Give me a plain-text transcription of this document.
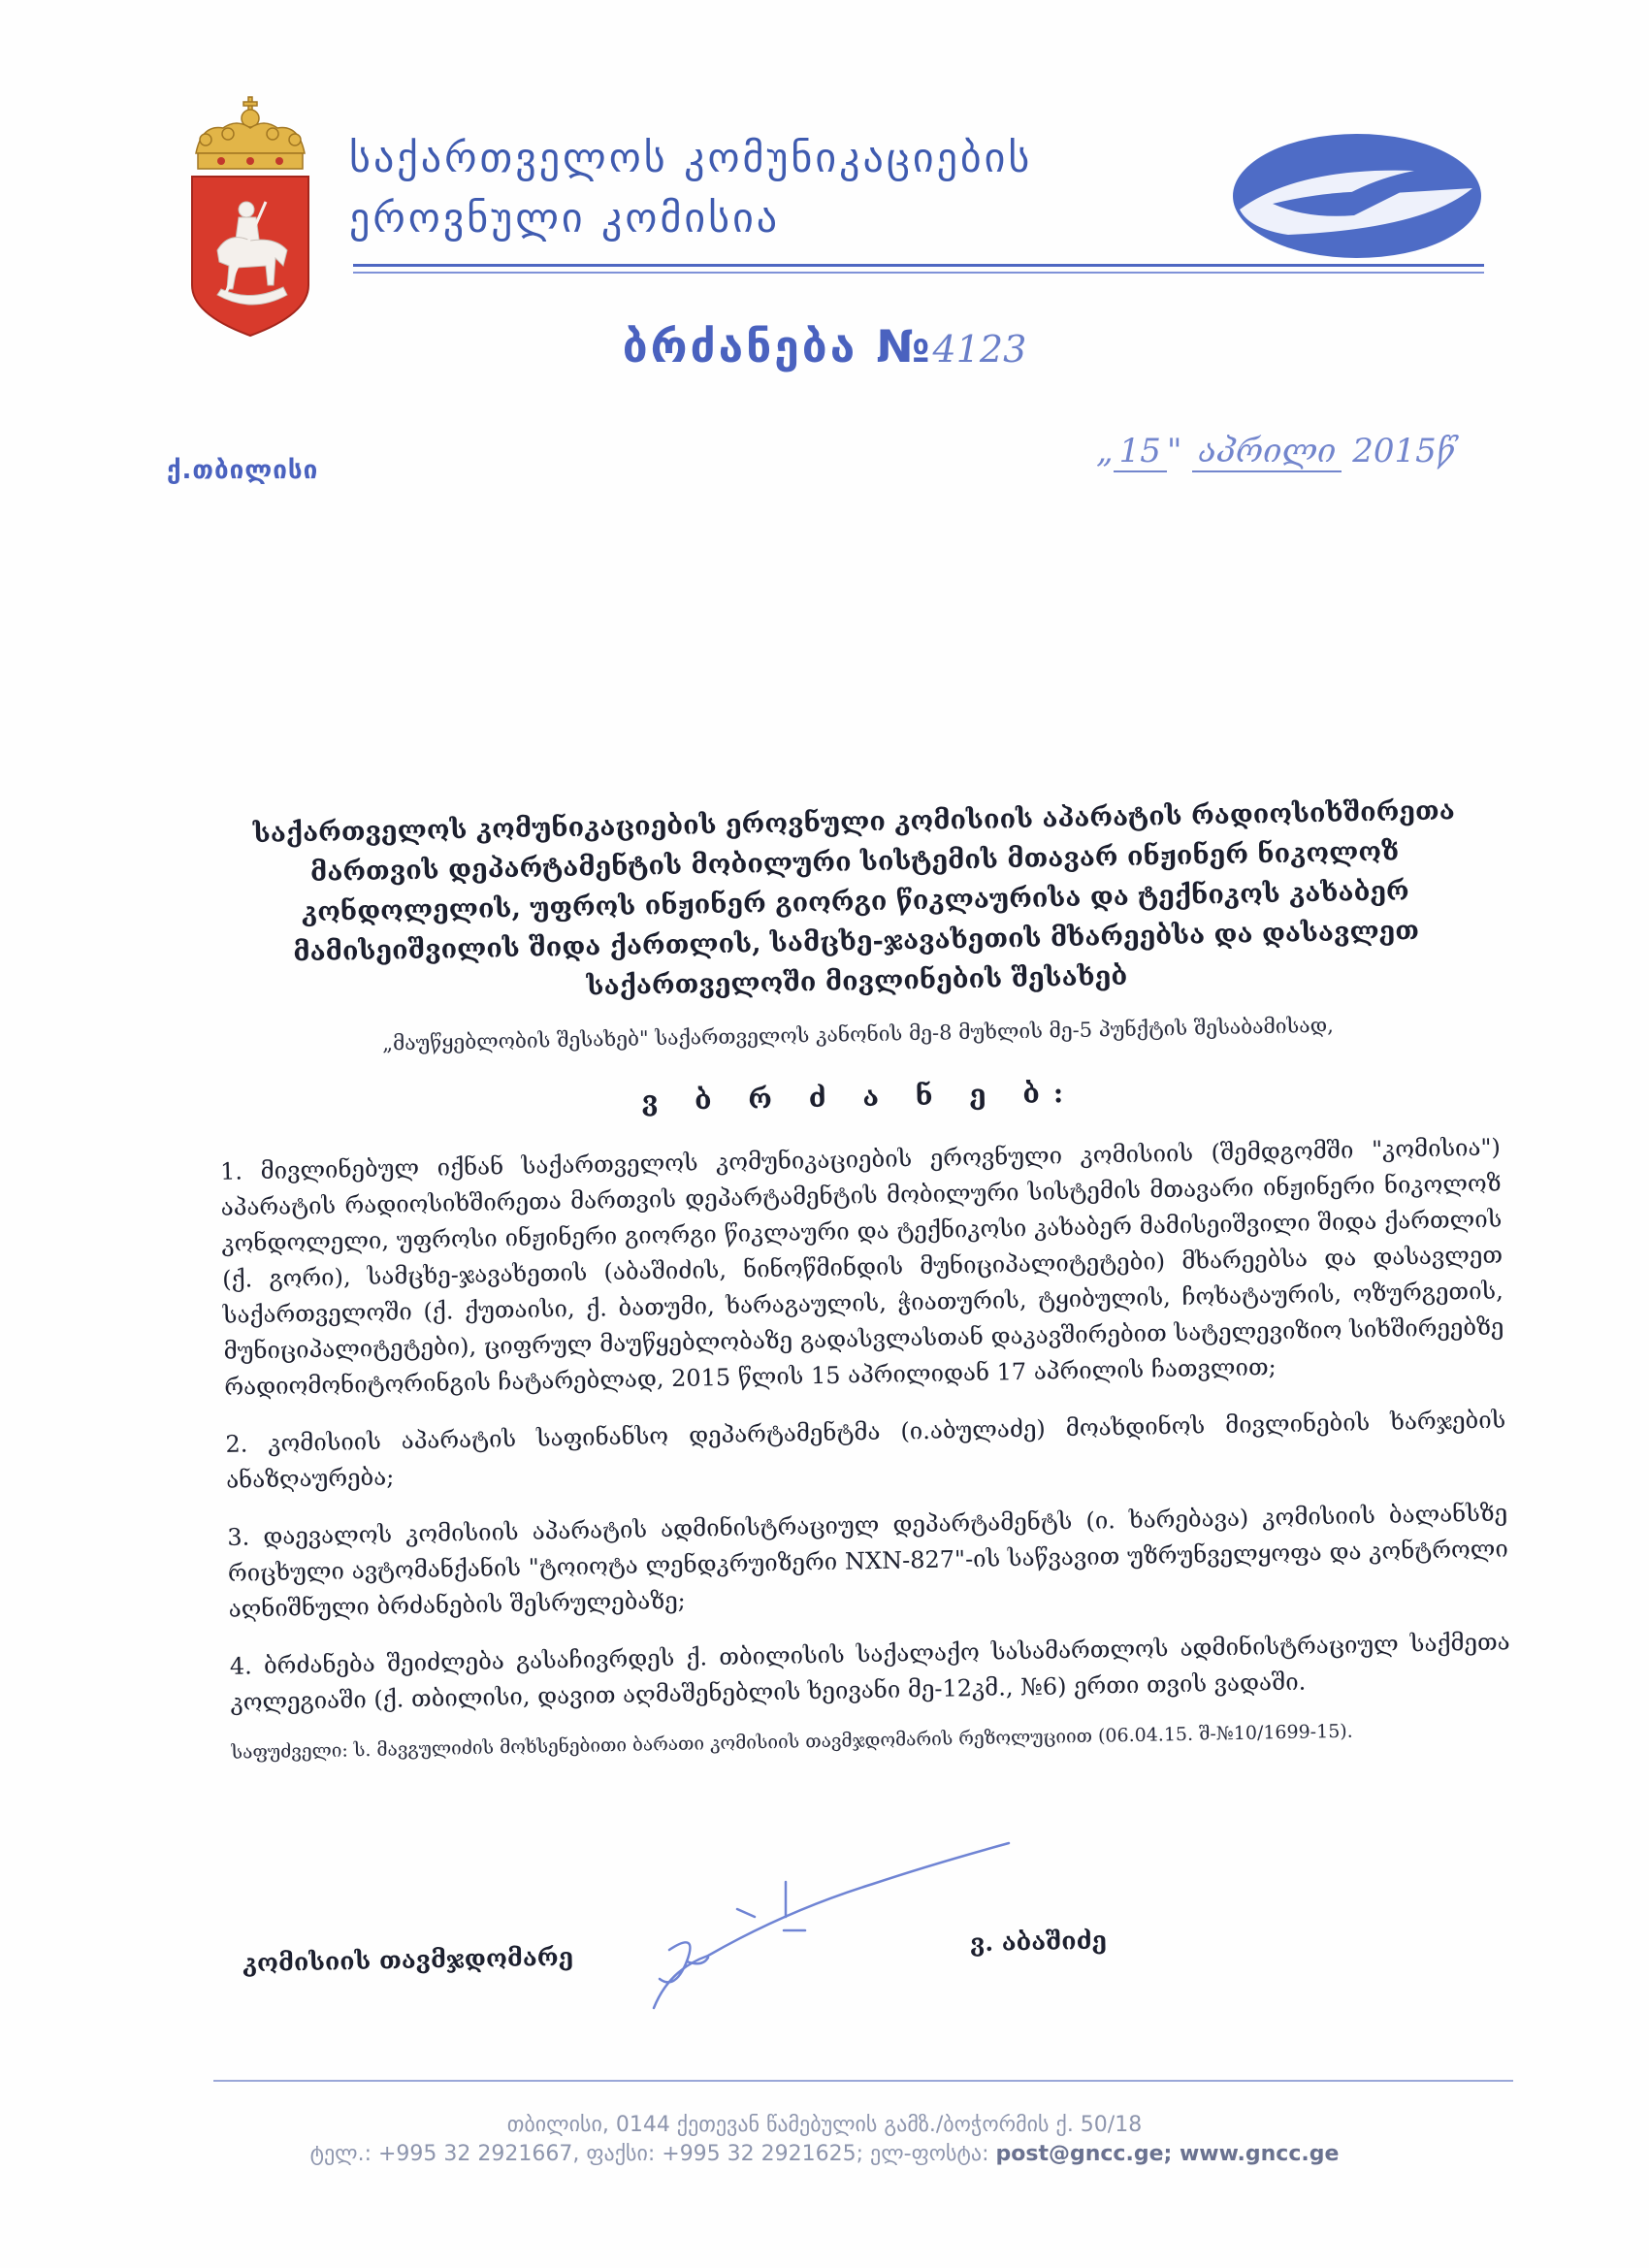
საქართველოს კომუნიკაციების
ეროვნული კომისია
ბრძანება №4123
ქ.თბილისი	„ 15 " აპრილი 2015წ

საქართველოს კომუნიკაციების ეროვნული კომისიის აპარატის რადიოსიხშირეთა მართვის დეპარტამენტის მობილური სისტემის მთავარ ინჟინერ ნიკოლოზ კონდოლელის, უფროს ინჟინერ გიორგი წიკლაურისა და ტექნიკოს კახაბერ მამისეიშვილის შიდა ქართლის, სამცხე-ჯავახეთის მხარეებსა და დასავლეთ საქართველოში მივლინების შესახებ

„მაუწყებლობის შესახებ" საქართველოს კანონის მე-8 მუხლის მე-5 პუნქტის შესაბამისად,

ვ ბ რ ძ ა ნ ე ბ:

1. მივლინებულ იქნან საქართველოს კომუნიკაციების ეროვნული კომისიის (შემდგომში "კომისია") აპარატის რადიოსიხშირეთა მართვის დეპარტამენტის მობილური სისტემის მთავარი ინჟინერი ნიკოლოზ კონდოლელი, უფროსი ინჟინერი გიორგი წიკლაური და ტექნიკოსი კახაბერ მამისეიშვილი შიდა ქართლის (ქ. გორი), სამცხე-ჯავახეთის (აბაშიძის, ნინოწმინდის მუნიციპალიტეტები) მხარეებსა და დასავლეთ საქართველოში (ქ. ქუთაისი, ქ. ბათუმი, ხარაგაულის, ჭიათურის, ტყიბულის, ჩოხატაურის, ოზურგეთის, მუნიციპალიტეტები), ციფრულ მაუწყებლობაზე გადასვლასთან დაკავშირებით სატელევიზიო სიხშირეებზე რადიომონიტორინგის ჩატარებლად, 2015 წლის 15 აპრილიდან 17 აპრილის ჩათვლით;

2. კომისიის აპარატის საფინანსო დეპარტამენტმა (ი.აბულაძე) მოახდინოს მივლინების ხარჯების ანაზღაურება;

3. დაევალოს კომისიის აპარატის ადმინისტრაციულ დეპარტამენტს (ი. ხარებავა) კომისიის ბალანსზე რიცხული ავტომანქანის "ტოიოტა ლენდკრუიზერი NXN-827"-ის საწვავით უზრუნველყოფა და კონტროლი აღნიშნული ბრძანების შესრულებაზე;

4. ბრძანება შეიძლება გასაჩივრდეს ქ. თბილისის საქალაქო სასამართლოს ადმინისტრაციულ საქმეთა კოლეგიაში (ქ. თბილისი, დავით აღმაშენებლის ხეივანი მე-12კმ., №6) ერთი თვის ვადაში.

საფუძველი: ს. მავგულიძის მოხსენებითი ბარათი კომისიის თავმჯდომარის რეზოლუციით (06.04.15. შ-№10/1699-15).

კომისიის თავმჯდომარე
ვ. აბაშიძე
თბილისი, 0144 ქეთევან წამებულის გამზ./ბოჭორმის ქ. 50/18
ტელ.: +995 32 2921667, ფაქსი: +995 32 2921625; ელ-ფოსტა: post@gncc.ge; www.gncc.ge
